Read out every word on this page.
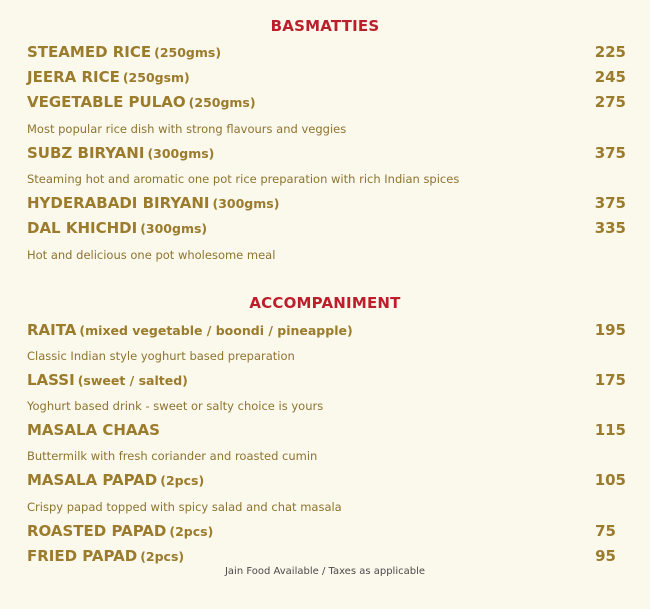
BASMATTIES
STEAMED RICE (250gms)	225
JEERA RICE (250gsm)	245
VEGETABLE PULAO (250gms)	275
Most popular rice dish with strong flavours and veggies
SUBZ BIRYANI (300gms)	375
Steaming hot and aromatic one pot rice preparation with rich Indian spices
HYDERABADI BIRYANI (300gms)	375
DAL KHICHDI (300gms)	335
Hot and delicious one pot wholesome meal
ACCOMPANIMENT
RAITA (mixed vegetable / boondi / pineapple)	195
Classic Indian style yoghurt based preparation
LASSI (sweet / salted)	175
Yoghurt based drink - sweet or salty choice is yours
MASALA CHAAS	115
Buttermilk with fresh coriander and roasted cumin
MASALA PAPAD (2pcs)	105
Crispy papad topped with spicy salad and chat masala
ROASTED PAPAD (2pcs)	75
FRIED PAPAD (2pcs)	95
Jain Food Available / Taxes as applicable
